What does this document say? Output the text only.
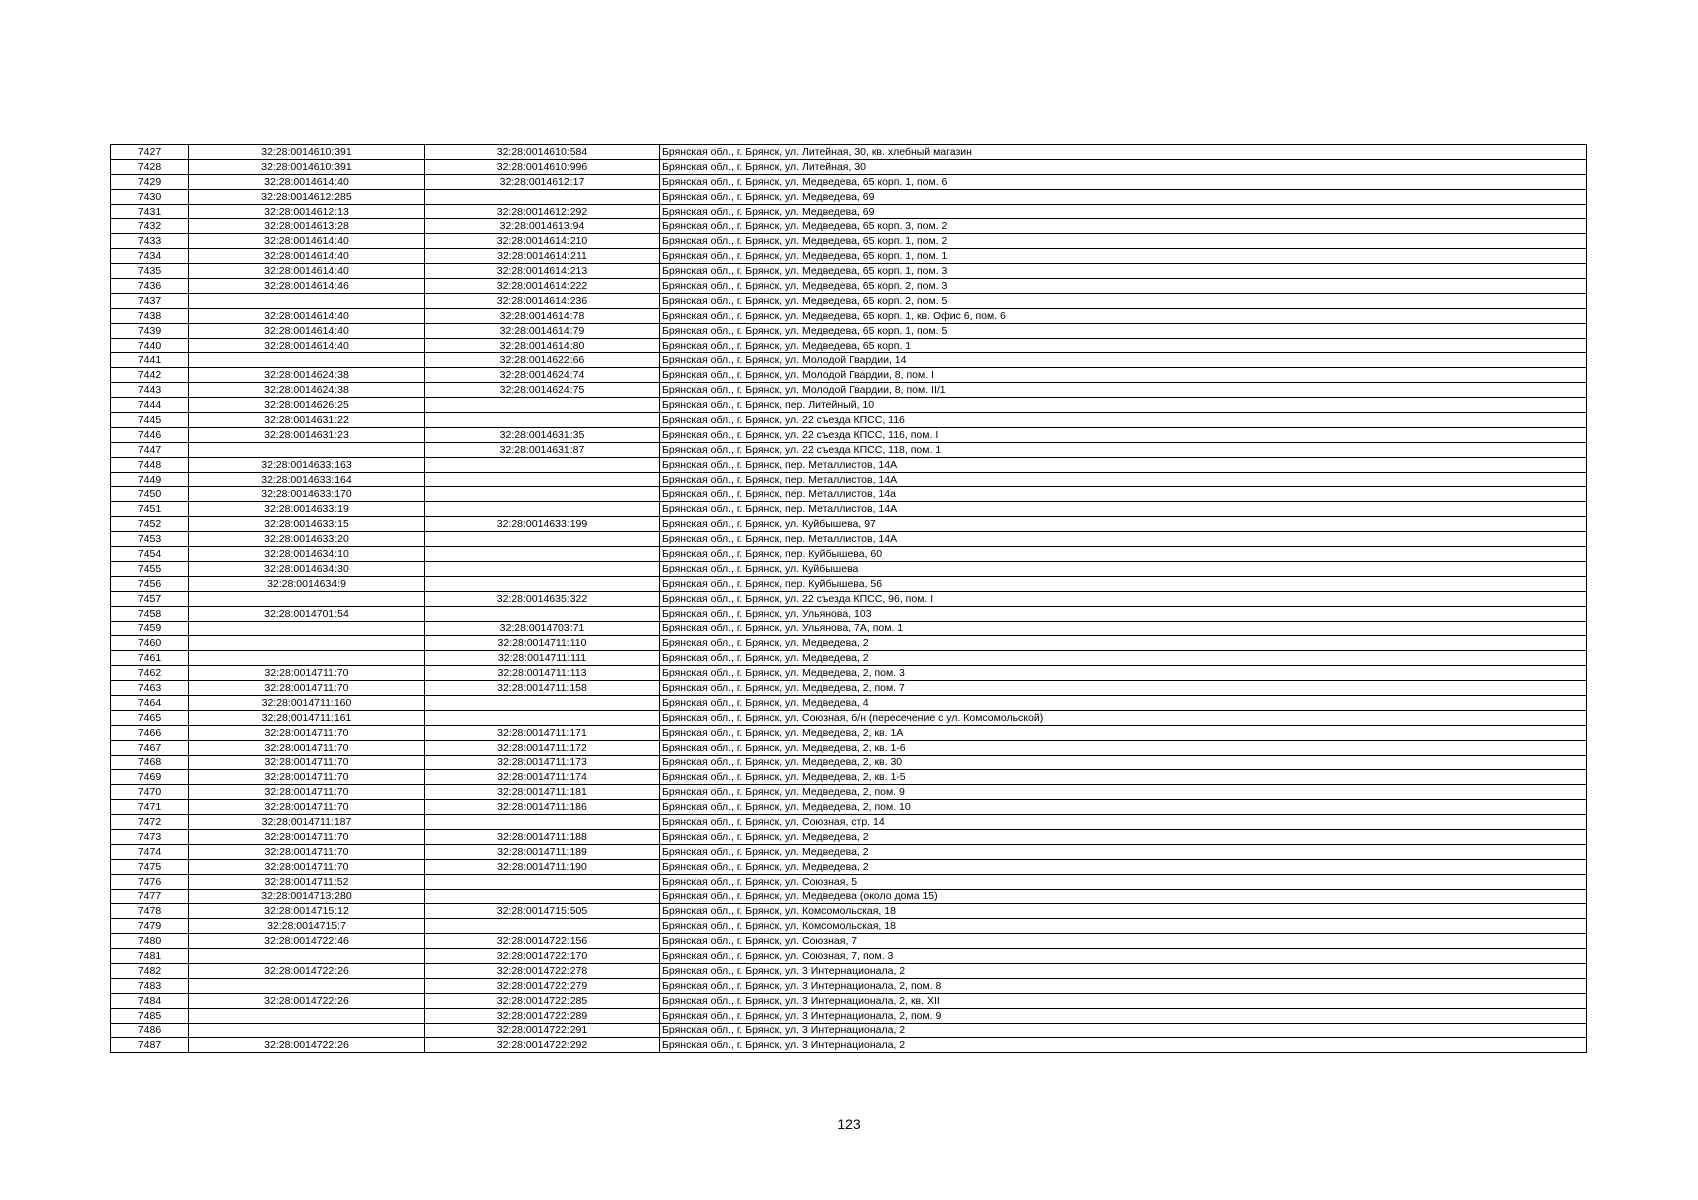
7427	32:28:0014610:391	32:28:0014610:584	Брянская обл., г. Брянск, ул. Литейная, 30, кв. хлебный магазин
7428	32:28:0014610:391	32:28:0014610:996	Брянская обл., г. Брянск, ул. Литейная, 30
7429	32:28:0014614:40	32:28:0014612:17	Брянская обл., г. Брянск, ул. Медведева, 65 корп. 1, пом. 6
7430	32:28:0014612:285		Брянская обл., г. Брянск, ул. Медведева, 69
7431	32:28:0014612:13	32:28:0014612:292	Брянская обл., г. Брянск, ул. Медведева, 69
7432	32:28:0014613:28	32:28:0014613:94	Брянская обл., г. Брянск, ул. Медведева, 65 корп. 3, пом. 2
7433	32:28:0014614:40	32:28:0014614:210	Брянская обл., г. Брянск, ул. Медведева, 65 корп. 1, пом. 2
7434	32:28:0014614:40	32:28:0014614:211	Брянская обл., г. Брянск, ул. Медведева, 65 корп. 1, пом. 1
7435	32:28:0014614:40	32:28:0014614:213	Брянская обл., г. Брянск, ул. Медведева, 65 корп. 1, пом. 3
7436	32:28:0014614:46	32:28:0014614:222	Брянская обл., г. Брянск, ул. Медведева, 65 корп. 2, пом. 3
7437		32:28:0014614:236	Брянская обл., г. Брянск, ул. Медведева, 65 корп. 2, пом. 5
7438	32:28:0014614:40	32:28:0014614:78	Брянская обл., г. Брянск, ул. Медведева, 65 корп. 1, кв. Офис 6, пом. 6
7439	32:28:0014614:40	32:28:0014614:79	Брянская обл., г. Брянск, ул. Медведева, 65 корп. 1, пом. 5
7440	32:28:0014614:40	32:28:0014614:80	Брянская обл., г. Брянск, ул. Медведева, 65 корп. 1
7441		32:28:0014622:66	Брянская обл., г. Брянск, ул. Молодой Гвардии, 14
7442	32:28:0014624:38	32:28:0014624:74	Брянская обл., г. Брянск, ул. Молодой Гвардии, 8, пом. I
7443	32:28:0014624:38	32:28:0014624:75	Брянская обл., г. Брянск, ул. Молодой Гвардии, 8, пом. II/1
7444	32:28:0014626:25		Брянская обл., г. Брянск, пер. Литейный, 10
7445	32:28:0014631:22		Брянская обл., г. Брянск, ул. 22 съезда КПСС, 116
7446	32:28:0014631:23	32:28:0014631:35	Брянская обл., г. Брянск, ул. 22 съезда КПСС, 116, пом. I
7447		32:28:0014631:87	Брянская обл., г. Брянск, ул. 22 съезда КПСС, 118, пом. 1
7448	32:28:0014633:163		Брянская обл., г. Брянск, пер. Металлистов, 14А
7449	32:28:0014633:164		Брянская обл., г. Брянск, пер. Металлистов, 14А
7450	32:28:0014633:170		Брянская обл., г. Брянск, пер. Металлистов, 14а
7451	32:28:0014633:19		Брянская обл., г. Брянск, пер. Металлистов, 14А
7452	32:28:0014633:15	32:28:0014633:199	Брянская обл., г. Брянск, ул. Куйбышева, 97
7453	32:28:0014633:20		Брянская обл., г. Брянск, пер. Металлистов, 14А
7454	32:28:0014634:10		Брянская обл., г. Брянск, пер. Куйбышева, 60
7455	32:28:0014634:30		Брянская обл., г. Брянск, ул. Куйбышева
7456	32:28:0014634:9		Брянская обл., г. Брянск, пер. Куйбышева, 56
7457		32:28:0014635:322	Брянская обл., г. Брянск, ул. 22 съезда КПСС, 96, пом. I
7458	32:28:0014701:54		Брянская обл., г. Брянск, ул. Ульянова, 103
7459		32:28:0014703:71	Брянская обл., г. Брянск, ул. Ульянова, 7А, пом. 1
7460		32:28:0014711:110	Брянская обл., г. Брянск, ул. Медведева, 2
7461		32:28:0014711:111	Брянская обл., г. Брянск, ул. Медведева, 2
7462	32:28:0014711:70	32:28:0014711:113	Брянская обл., г. Брянск, ул. Медведева, 2, пом. 3
7463	32:28:0014711:70	32:28:0014711:158	Брянская обл., г. Брянск, ул. Медведева, 2, пом. 7
7464	32:28:0014711:160		Брянская обл., г. Брянск, ул. Медведева, 4
7465	32:28:0014711:161		Брянская обл., г. Брянск, ул. Союзная, б/н (пересечение с ул. Комсомольской)
7466	32:28:0014711:70	32:28:0014711:171	Брянская обл., г. Брянск, ул. Медведева, 2, кв. 1А
7467	32:28:0014711:70	32:28:0014711:172	Брянская обл., г. Брянск, ул. Медведева, 2, кв. 1-6
7468	32:28:0014711:70	32:28:0014711:173	Брянская обл., г. Брянск, ул. Медведева, 2, кв. 30
7469	32:28:0014711:70	32:28:0014711:174	Брянская обл., г. Брянск, ул. Медведева, 2, кв. 1-5
7470	32:28:0014711:70	32:28:0014711:181	Брянская обл., г. Брянск, ул. Медведева, 2, пом. 9
7471	32:28:0014711:70	32:28:0014711:186	Брянская обл., г. Брянск, ул. Медведева, 2, пом. 10
7472	32:28:0014711:187		Брянская обл., г. Брянск, ул. Союзная, стр. 14
7473	32:28:0014711:70	32:28:0014711:188	Брянская обл., г. Брянск, ул. Медведева, 2
7474	32:28:0014711:70	32:28:0014711:189	Брянская обл., г. Брянск, ул. Медведева, 2
7475	32:28:0014711:70	32:28:0014711:190	Брянская обл., г. Брянск, ул. Медведева, 2
7476	32:28:0014711:52		Брянская обл., г. Брянск, ул. Союзная, 5
7477	32:28:0014713:280		Брянская обл., г. Брянск, ул. Медведева (около дома 15)
7478	32:28:0014715:12	32:28:0014715:505	Брянская обл., г. Брянск, ул. Комсомольская, 18
7479	32:28:0014715:7		Брянская обл., г. Брянск, ул. Комсомольская, 18
7480	32:28:0014722:46	32:28:0014722:156	Брянская обл., г. Брянск, ул. Союзная, 7
7481		32:28:0014722:170	Брянская обл., г. Брянск, ул. Союзная, 7, пом. 3
7482	32:28:0014722:26	32:28:0014722:278	Брянская обл., г. Брянск, ул. 3 Интернационала, 2
7483		32:28:0014722:279	Брянская обл., г. Брянск, ул. 3 Интернационала, 2, пом. 8
7484	32:28:0014722:26	32:28:0014722:285	Брянская обл., г. Брянск, ул. 3 Интернационала, 2, кв. XII
7485		32:28:0014722:289	Брянская обл., г. Брянск, ул. 3 Интернационала, 2, пом. 9
7486		32:28:0014722:291	Брянская обл., г. Брянск, ул. 3 Интернационала, 2
7487	32:28:0014722:26	32:28:0014722:292	Брянская обл., г. Брянск, ул. 3 Интернационала, 2
123
